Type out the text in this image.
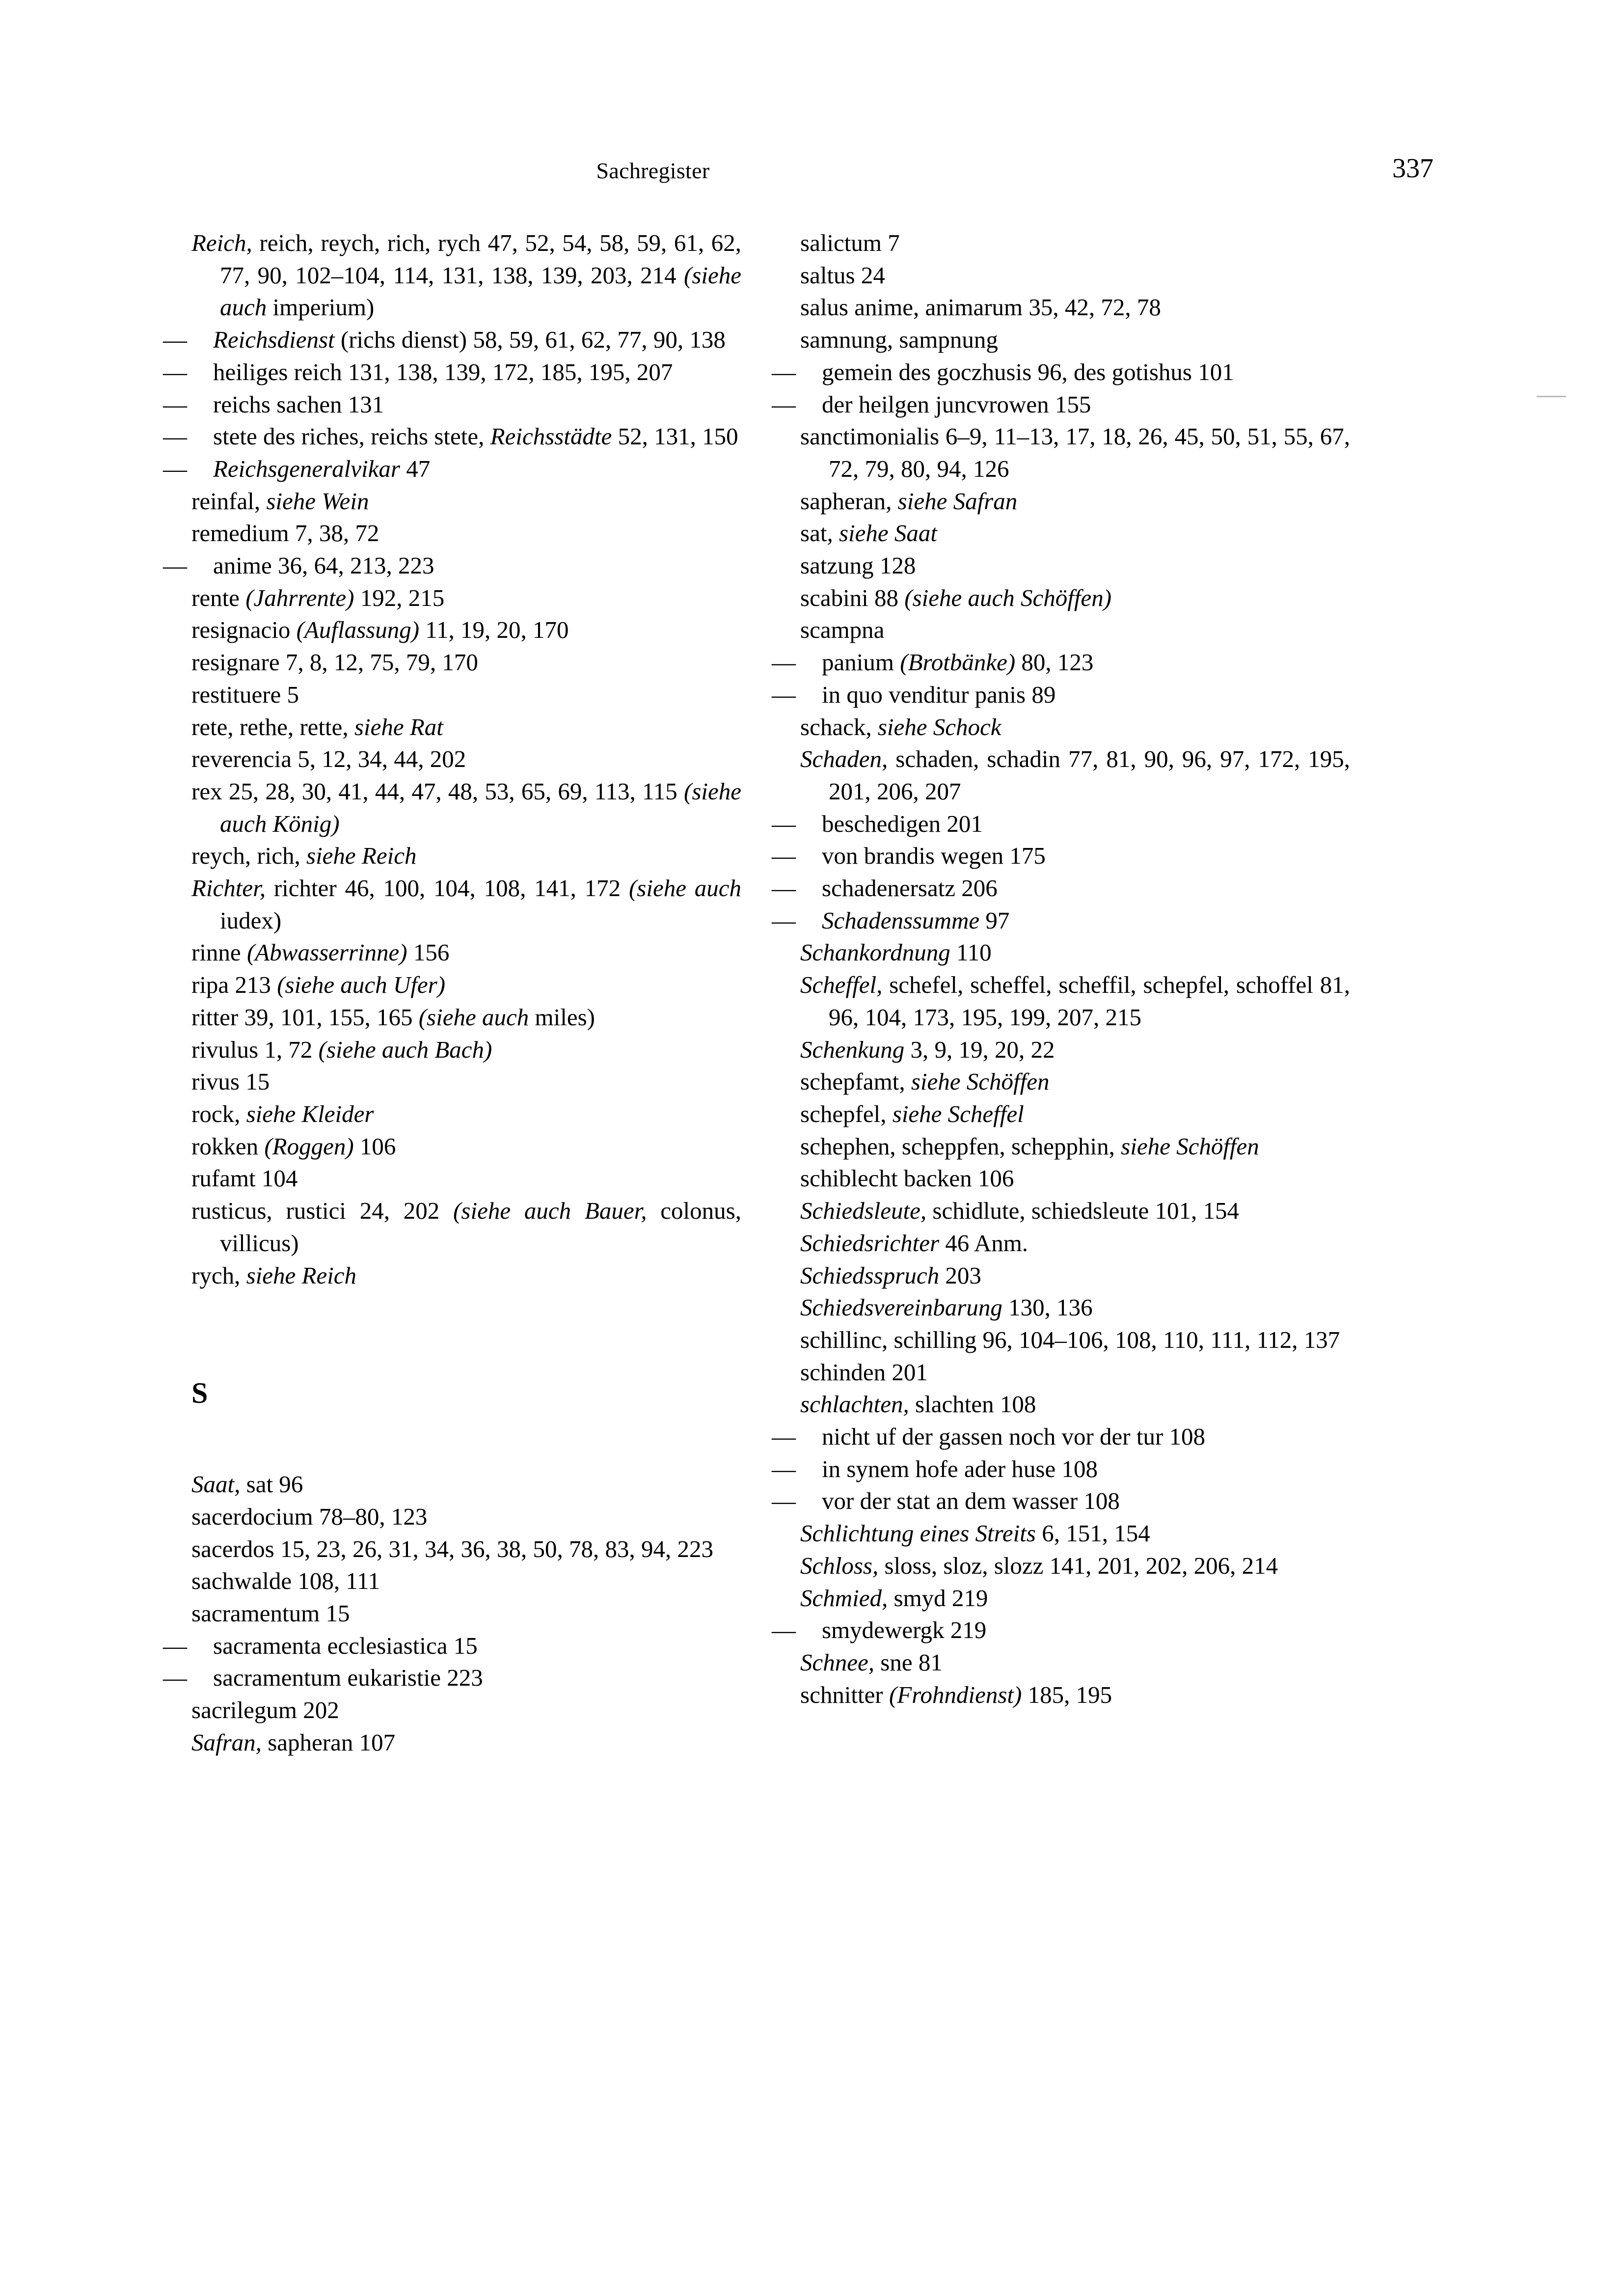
Sachregister	337
Reich, reich, reych, rich, rych 47, 52, 54, 58, 59, 61, 62, 77, 90, 102–104, 114, 131, 138, 139, 203, 214 (siehe auch imperium)
— Reichsdienst (richs dienst) 58, 59, 61, 62, 77, 90, 138
— heiliges reich 131, 138, 139, 172, 185, 195, 207
— reichs sachen 131
— stete des riches, reichs stete, Reichsstädte 52, 131, 150
— Reichsgeneralvikar 47
reinfal, siehe Wein
remedium 7, 38, 72
— anime 36, 64, 213, 223
rente (Jahrrente) 192, 215
resignacio (Auflassung) 11, 19, 20, 170
resignare 7, 8, 12, 75, 79, 170
restituere 5
rete, rethe, rette, siehe Rat
reverencia 5, 12, 34, 44, 202
rex 25, 28, 30, 41, 44, 47, 48, 53, 65, 69, 113, 115 (siehe auch König)
reych, rich, siehe Reich
Richter, richter 46, 100, 104, 108, 141, 172 (siehe auch iudex)
rinne (Abwasserrinne) 156
ripa 213 (siehe auch Ufer)
ritter 39, 101, 155, 165 (siehe auch miles)
rivulus 1, 72 (siehe auch Bach)
rivus 15
rock, siehe Kleider
rokken (Roggen) 106
rufamt 104
rusticus, rustici 24, 202 (siehe auch Bauer, colonus, villicus)
rych, siehe Reich
S
Saat, sat 96
sacerdocium 78–80, 123
sacerdos 15, 23, 26, 31, 34, 36, 38, 50, 78, 83, 94, 223
sachwalde 108, 111
sacramentum 15
— sacramenta ecclesiastica 15
— sacramentum eukaristie 223
sacrilegum 202
Safran, sapheran 107
salictum 7
saltus 24
salus anime, animarum 35, 42, 72, 78
samnung, sampnung
— gemein des goczhusis 96, des gotishus 101
— der heilgen juncvrowen 155
sanctimonialis 6–9, 11–13, 17, 18, 26, 45, 50, 51, 55, 67, 72, 79, 80, 94, 126
sapheran, siehe Safran
sat, siehe Saat
satzung 128
scabini 88 (siehe auch Schöffen)
scampna
— panium (Brotbänke) 80, 123
— in quo venditur panis 89
schack, siehe Schock
Schaden, schaden, schadin 77, 81, 90, 96, 97, 172, 195, 201, 206, 207
— beschedigen 201
— von brandis wegen 175
— schadenersatz 206
— Schadenssumme 97
Schankordnung 110
Scheffel, schefel, scheffel, scheffil, schepfel, schoffel 81, 96, 104, 173, 195, 199, 207, 215
Schenkung 3, 9, 19, 20, 22
schepfamt, siehe Schöffen
schepfel, siehe Scheffel
schephen, scheppfen, schepphin, siehe Schöffen
schiblecht backen 106
Schiedsleute, schidlute, schiedsleute 101, 154
Schiedsrichter 46 Anm.
Schiedsspruch 203
Schiedsvereinbarung 130, 136
schillinc, schilling 96, 104–106, 108, 110, 111, 112, 137
schinden 201
schlachten, slachten 108
— nicht uf der gassen noch vor der tur 108
— in synem hofe ader huse 108
— vor der stat an dem wasser 108
Schlichtung eines Streits 6, 151, 154
Schloss, sloss, sloz, slozz 141, 201, 202, 206, 214
Schmied, smyd 219
— smydewergk 219
Schnee, sne 81
schnitter (Frohndienst) 185, 195
